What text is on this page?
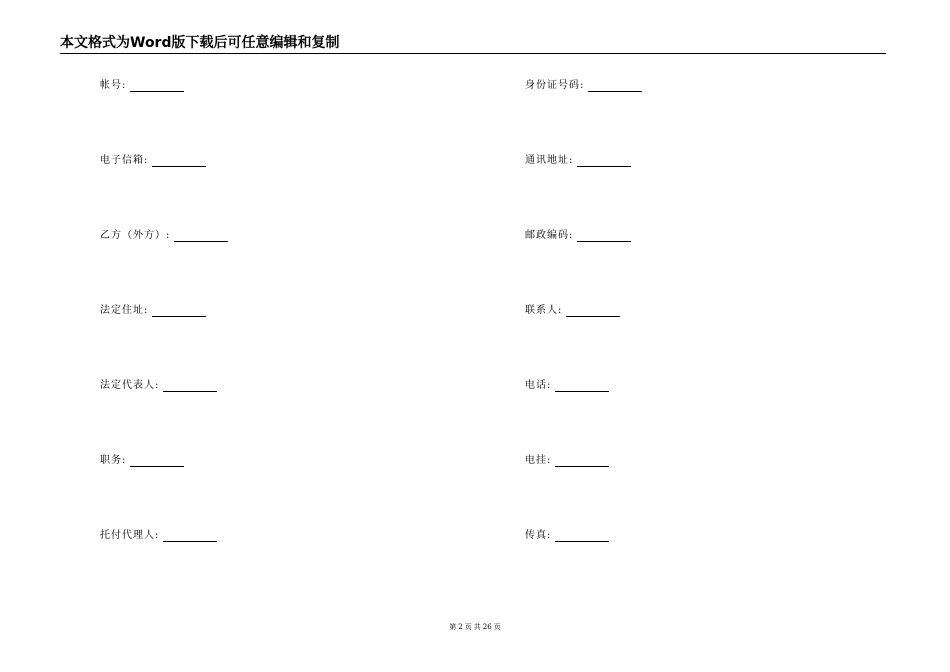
本文格式为Word版下载后可任意编辑和复制
帐号:
电子信箱:
乙方（外方）:
法定住址:
法定代表人:
职务:
托付代理人:
身份证号码:
通讯地址:
邮政编码:
联系人:
电话:
电挂:
传真:
第 2 页 共 26 页
